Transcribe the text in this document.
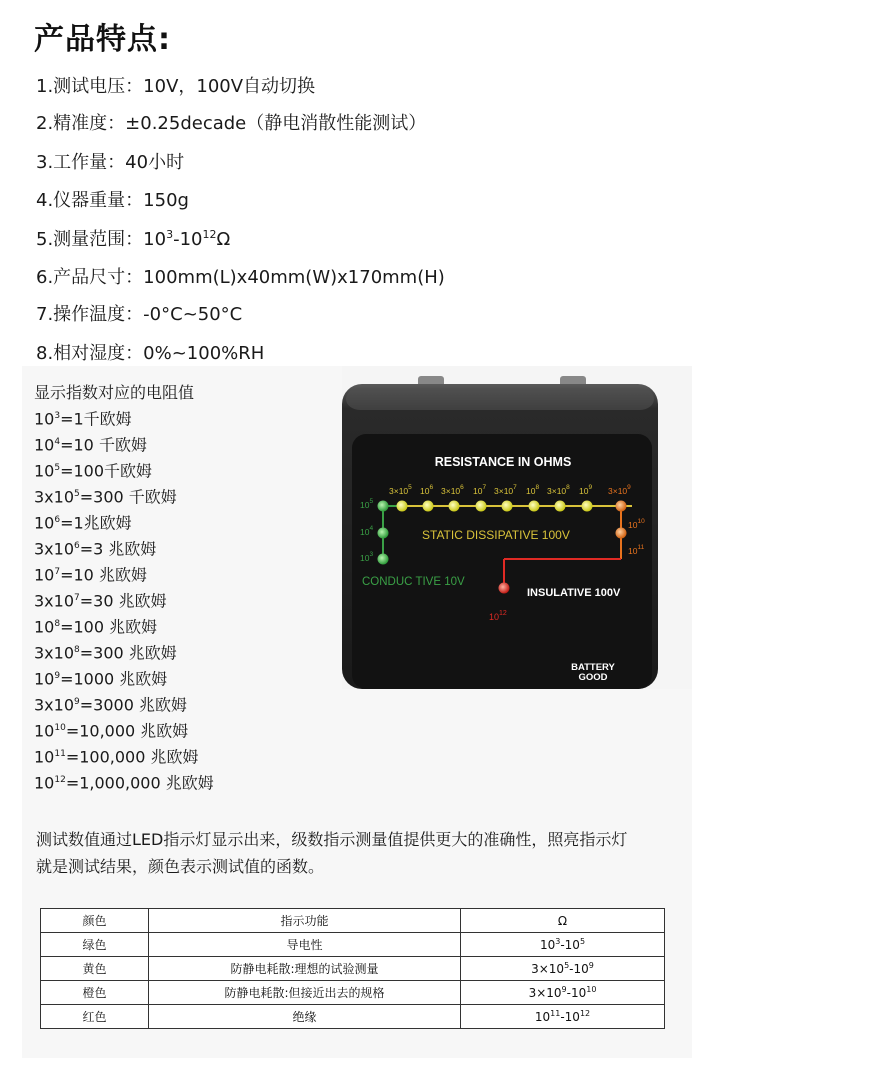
产品特点:
1.测试电压：10V，100V自动切换
2.精准度：±0.25decade（静电消散性能测试）
3.工作量：40小时
4.仪器重量：150g
5.测量范围：$10^3-10^{12}\Omega$
6.产品尺寸：100mm(L)x40mm(W)x170mm(H)
7.操作温度：-0°C~50°C
8.相对湿度：0%~100%RH
显示指数对应的电阻值
$10^3=1$千欧姆
$10^4=10$ 千欧姆
$10^5=100$千欧姆
$3x10^5=300$ 千欧姆
$10^6=1$兆欧姆
$3x10^6=3$ 兆欧姆
$10^7=10$ 兆欧姆
$3x10^7=30$ 兆欧姆
$10^8=100$ 兆欧姆
$3x10^8=300$ 兆欧姆
$10^9=1000$ 兆欧姆
$3x10^9=3000$ 兆欧姆
$10^{10}=10,000$ 兆欧姆
$10^{11}=100,000$ 兆欧姆
$10^{12}=1,000,000$ 兆欧姆
RESISTANCE IN OHMS
$3\times 10^5$ $10^6$ $3\times 10^6$ $10^7$ $3\times 10^7$ $10^8$ $3\times 10^8$ $10^9$ $3\times 10^9$
$10^5$
$10^4$
$10^3$
$10^{10}$
$10^{11}$
STATIC DISSIPATIVE 100V
CONDUC TIVE 10V
INSULATIVE 100V
$10^{12}$
BATTERY
GOOD
测试数值通过LED指示灯显示出来，级数指示测量值提供更大的准确性，照亮指示灯就是测试结果，颜色表示测试值的函数。
颜色	指示功能	Ω
绿色	导电性	$10^3-10^5$
黄色	防静电耗散:理想的试验测量	$3\times 10^5-10^9$
橙色	防静电耗散:但接近出去的规格	$3\times 10^9-10^{10}$
红色	绝缘	$10^{11}-10^{12}$
